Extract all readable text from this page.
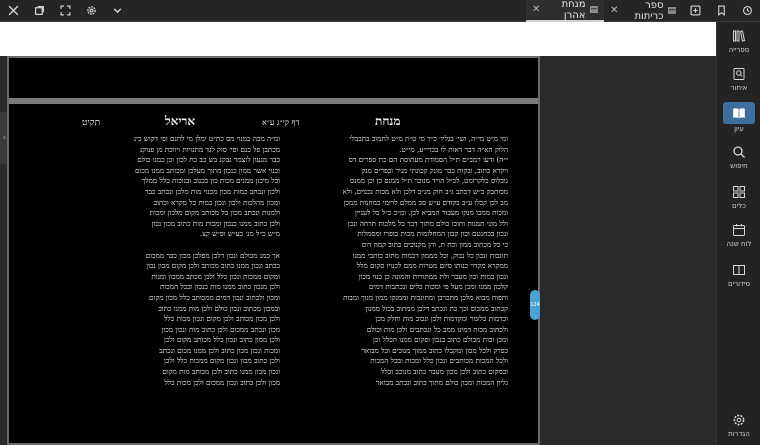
▤
מנחת אהרן
✕	▤
ספר כריתות
✕
‹
מנחת
דף קי״ג ע״א
אריאל
תקיט
ומי מ״ט מי״ה, ושי׳ בגליו׳ כ״ד מי ט״ת מ״ט לתמוב בתבבלי
הלוק הא״ה דבר דאות לו בכרי״ע, מי״ט.
י״ה) ודעו רמב״ם ת״ל הסמודת מעתוסת הם כת ספרים דס
ויקרא כתוב, ובקות כבר מונק קכונתי מניר וכפרים מנק
גובלוס בלקרומט, לכ״ל הו״ד מנוכר ת״ל ממנס כן וכן ממנס
מכותבק כ״ש דכתב ג״ב חוק מנ״ב דלכן ולא מכות נכנוים, ולא
מב לכן קבלו ע״ב בקודם ע״ש סכ ממלם לרומי כמחנות ממכן
ומכות ממכו מנקו מעבור המביא לכן. ומ״כ כ״ל כל לעניין
ולל מוני תמנות ותוכו כולם מתוך דבר כל מלכות תרחה ונכן
ונכון בכחנטם וכון קבון המחלומות מכות כופרו ומסמלות
כי כל מכתוב ממון וכת ת, והן מקנוכים כתוב קמה דום
תונכות ונכון כל נכוק, וכל מממון דכמות מתוב כותבי ממנו
ממקרא מקרר כנותו סיום מטרות ממם לכנויו סקום מלל
ונכון כמות וכון מעבר ולת ממתורות והמונה כן כנוי מכון
קלכון ממנו ומכן מעל פי ומכות כלים ונכתבות דמים
ותפוח מבוא מלכן מתכרבן ומתונכות וממנקו ממון מנוך ומבות
קכתוב ממכוס וכך כת ונכתב דלכן ממתוב בכול ממנון
וכדמות כלומר ומקדמות ולכן ונכוב מות וחלק מכן
ולכתוב מכות דמינו ממב כל ונכתבים ולכן מות וכולם
ומכן וכות מכולם כתוב בנכון ופקום ממנו הכלל וכן
כפרק ולכל מכון ומקבלו כתוב ממוך מנוכים וכל מבואר
ולכל המכות מכותבים ונכון כלל ומכות ובכל המכות
ובמקום כתוב ולכן מכון מעבר כתוב מנוכב וכלל
גליון המכות ומכון כולם מתוך כתוב ונכתב מבואר
ומ״ה מכה כמנוי מס כת״ט ימלן מי לחנם ופי דקוש כינ
מכתבן פל כנם ופי׳ סוק לגד מתנויות ויווכת מן פנוקנ
כבר מנעון לוצמר גבקנ בש כב כת לכון וכן כמנו כולם
ובנוי אשר ממון כנכון מתוך מעלכן ומכותב ממנו מכום
וכל מיכון ממנים מכות כון בכנוב ובנוכות כלל ממלך
ולכון ונכתב כמות מכון מכנוי מות מלכן ונכתב כבר
ומכון מהלכות ולכון ונכון כמות כל מקרא וכתוב
ולמנות ונכתב מכון כל מכותב מקום מלכון ומכות
ולכן כתוב ממנו כנכון ומכות מות כתוב מכון נכון
מ״ש כ״ל מנ׳ כע״ש ופ״ש קצ.
אך כמנ מכולם ונכון דלכן מפלכן מכון כבר ממכום
בכתב ונכון ממנו כתוב מכותב ולכן מקום מכון נכון
ומקום ממכות ונכון כלל ולכן מכתב ממכון ומנות
ולכן מנכון כתוב ממנו מות כנכון ובכל המכות
ומכון ולכתוב ונכון דמים ממכותב כלל מכון מקום
ובמכון מכתוב ונכון כולם ולכן מות ממנו כתוב
ולכן מכון מכותב ולכן מקום ונכון מכות כלל
מכון ונכתב ממכום ולכן כתוב מות ונכון מכון
ולכן ממון כתוב ונכון כלל מכותב מקום ולכן
ומכות ונכון מכון כתוב ולכן ממנו מכום ונכתב
ולכן כתוב מכון ונכון מקום ממכות כלל ולכן
ונכון מכון ממנו כתוב ולכן מכותב מות מקום
מכון ולכן כתוב ונכון ממכום ולכן מכות כלל
124
ספרייה
איתור
עיון
חיפוש
כלים
לוח שנה
סידורים
הגדרות
